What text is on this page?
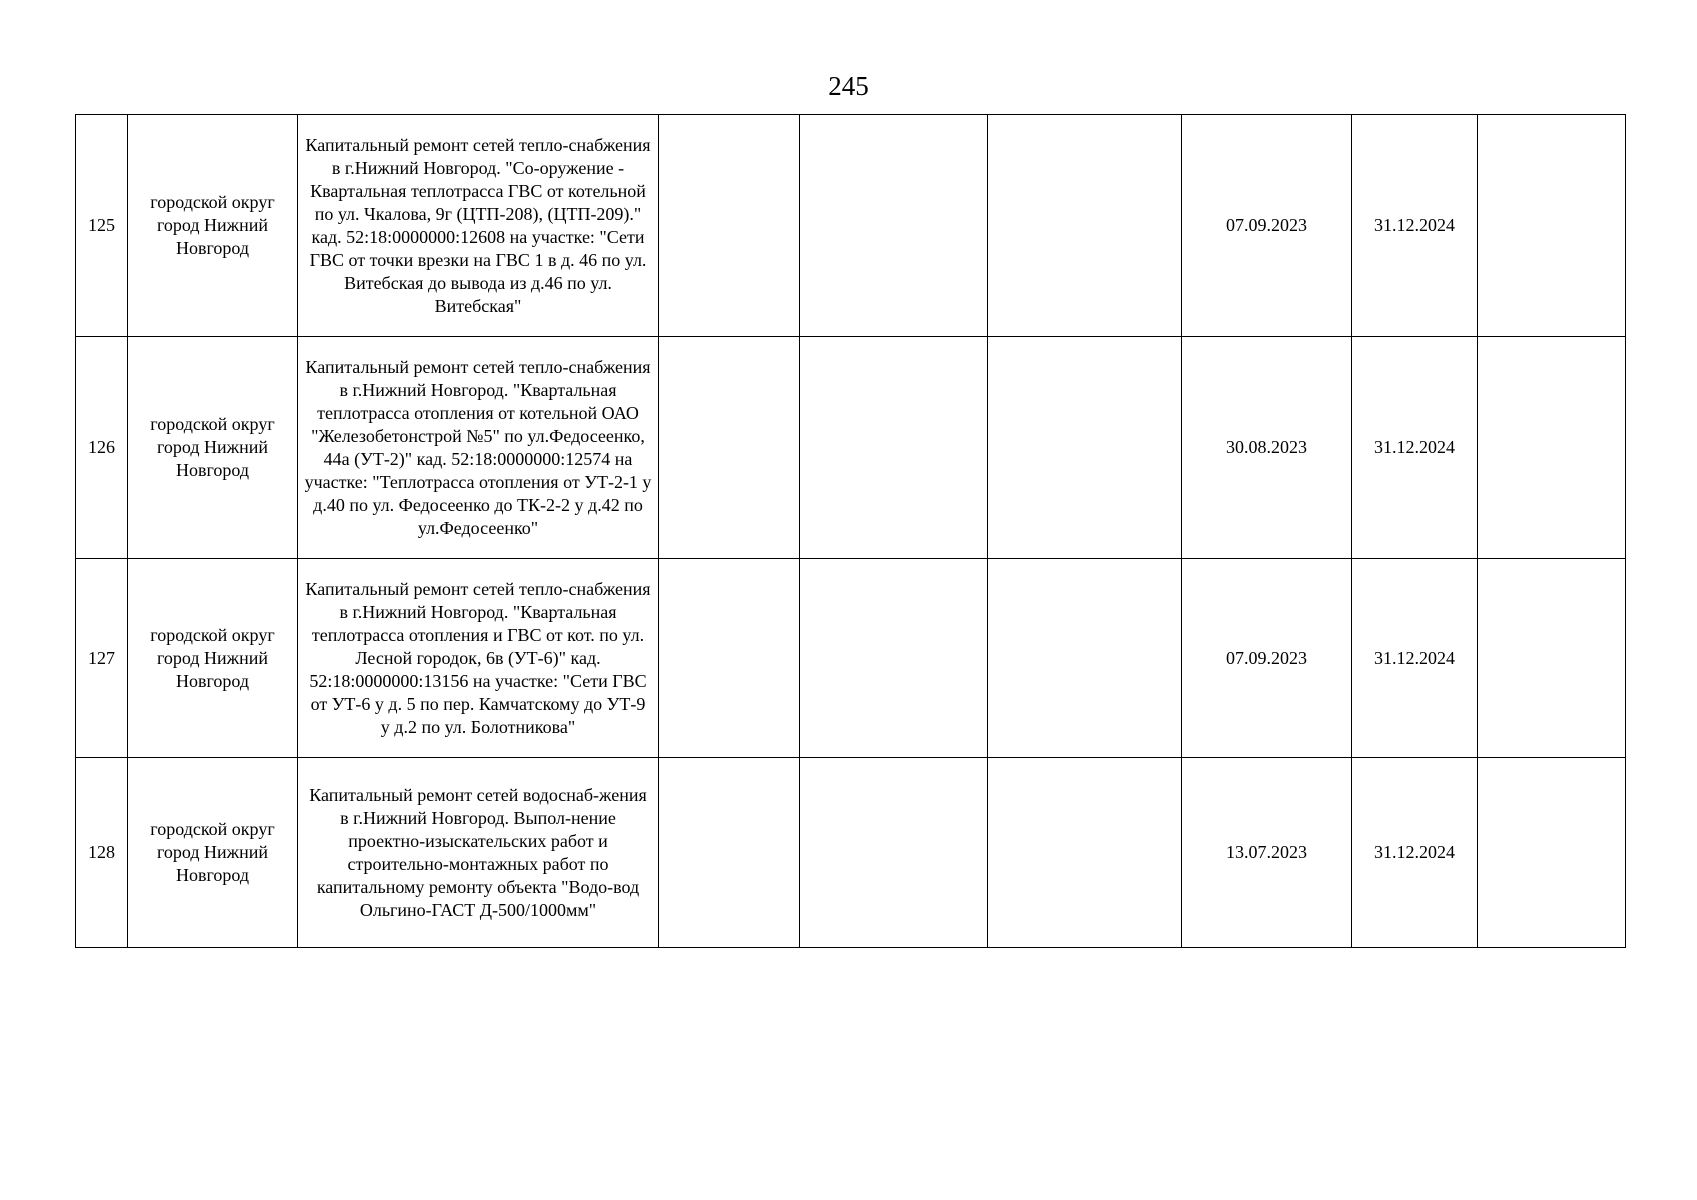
245
125	городской округ город Нижний Новгород	Капитальный ремонт сетей тепло-снабжения в г.Нижний Новгород. "Со-оружение - Квартальная теплотрасса ГВС от котельной по ул. Чкалова, 9г (ЦТП-208), (ЦТП-209)." кад. 52:18:0000000:12608 на участке: "Сети ГВС от точки врезки на ГВС 1 в д. 46 по ул. Витебская до вывода из д.46 по ул. Витебская"				07.09.2023	31.12.2024	
126	городской округ город Нижний Новгород	Капитальный ремонт сетей тепло-снабжения в г.Нижний Новгород. "Квартальная теплотрасса отопления от котельной ОАО "Железобетонстрой №5" по ул.Федосеенко, 44а (УТ-2)" кад. 52:18:0000000:12574 на участке: "Теплотрасса отопления от УТ-2-1 у д.40 по ул. Федосеенко до ТК-2-2 у д.42 по ул.Федосеенко"				30.08.2023	31.12.2024	
127	городской округ город Нижний Новгород	Капитальный ремонт сетей тепло-снабжения в г.Нижний Новгород. "Квартальная теплотрасса отопления и ГВС от кот. по ул. Лесной городок, 6в (УТ-6)" кад. 52:18:0000000:13156 на участке: "Сети ГВС от УТ-6 у д. 5 по пер. Камчатскому до УТ-9 у д.2 по ул. Болотникова"				07.09.2023	31.12.2024	
128	городской округ город Нижний Новгород	Капитальный ремонт сетей водоснаб-жения в г.Нижний Новгород. Выпол-нение проектно-изыскательских работ и строительно-монтажных работ по капитальному ремонту объекта "Водо-вод Ольгино-ГАСТ Д-500/1000мм"				13.07.2023	31.12.2024	
